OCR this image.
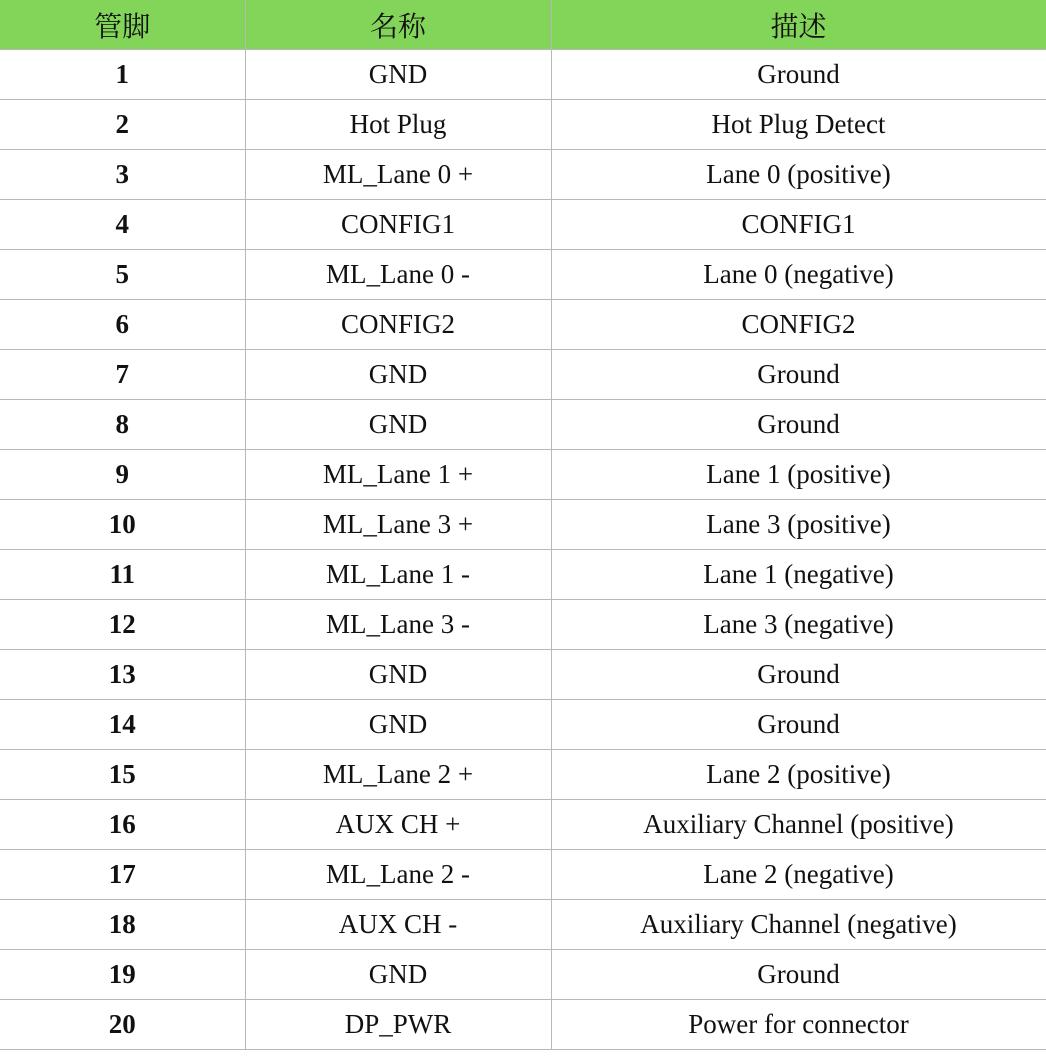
管脚	名称	描述
1	GND	Ground
2	Hot Plug	Hot Plug Detect
3	ML_Lane 0 +	Lane 0 (positive)
4	CONFIG1	CONFIG1
5	ML_Lane 0 -	Lane 0 (negative)
6	CONFIG2	CONFIG2
7	GND	Ground
8	GND	Ground
9	ML_Lane 1 +	Lane 1 (positive)
10	ML_Lane 3 +	Lane 3 (positive)
11	ML_Lane 1 -	Lane 1 (negative)
12	ML_Lane 3 -	Lane 3 (negative)
13	GND	Ground
14	GND	Ground
15	ML_Lane 2 +	Lane 2 (positive)
16	AUX CH +	Auxiliary Channel (positive)
17	ML_Lane 2 -	Lane 2 (negative)
18	AUX CH -	Auxiliary Channel (negative)
19	GND	Ground
20	DP_PWR	Power for connector
